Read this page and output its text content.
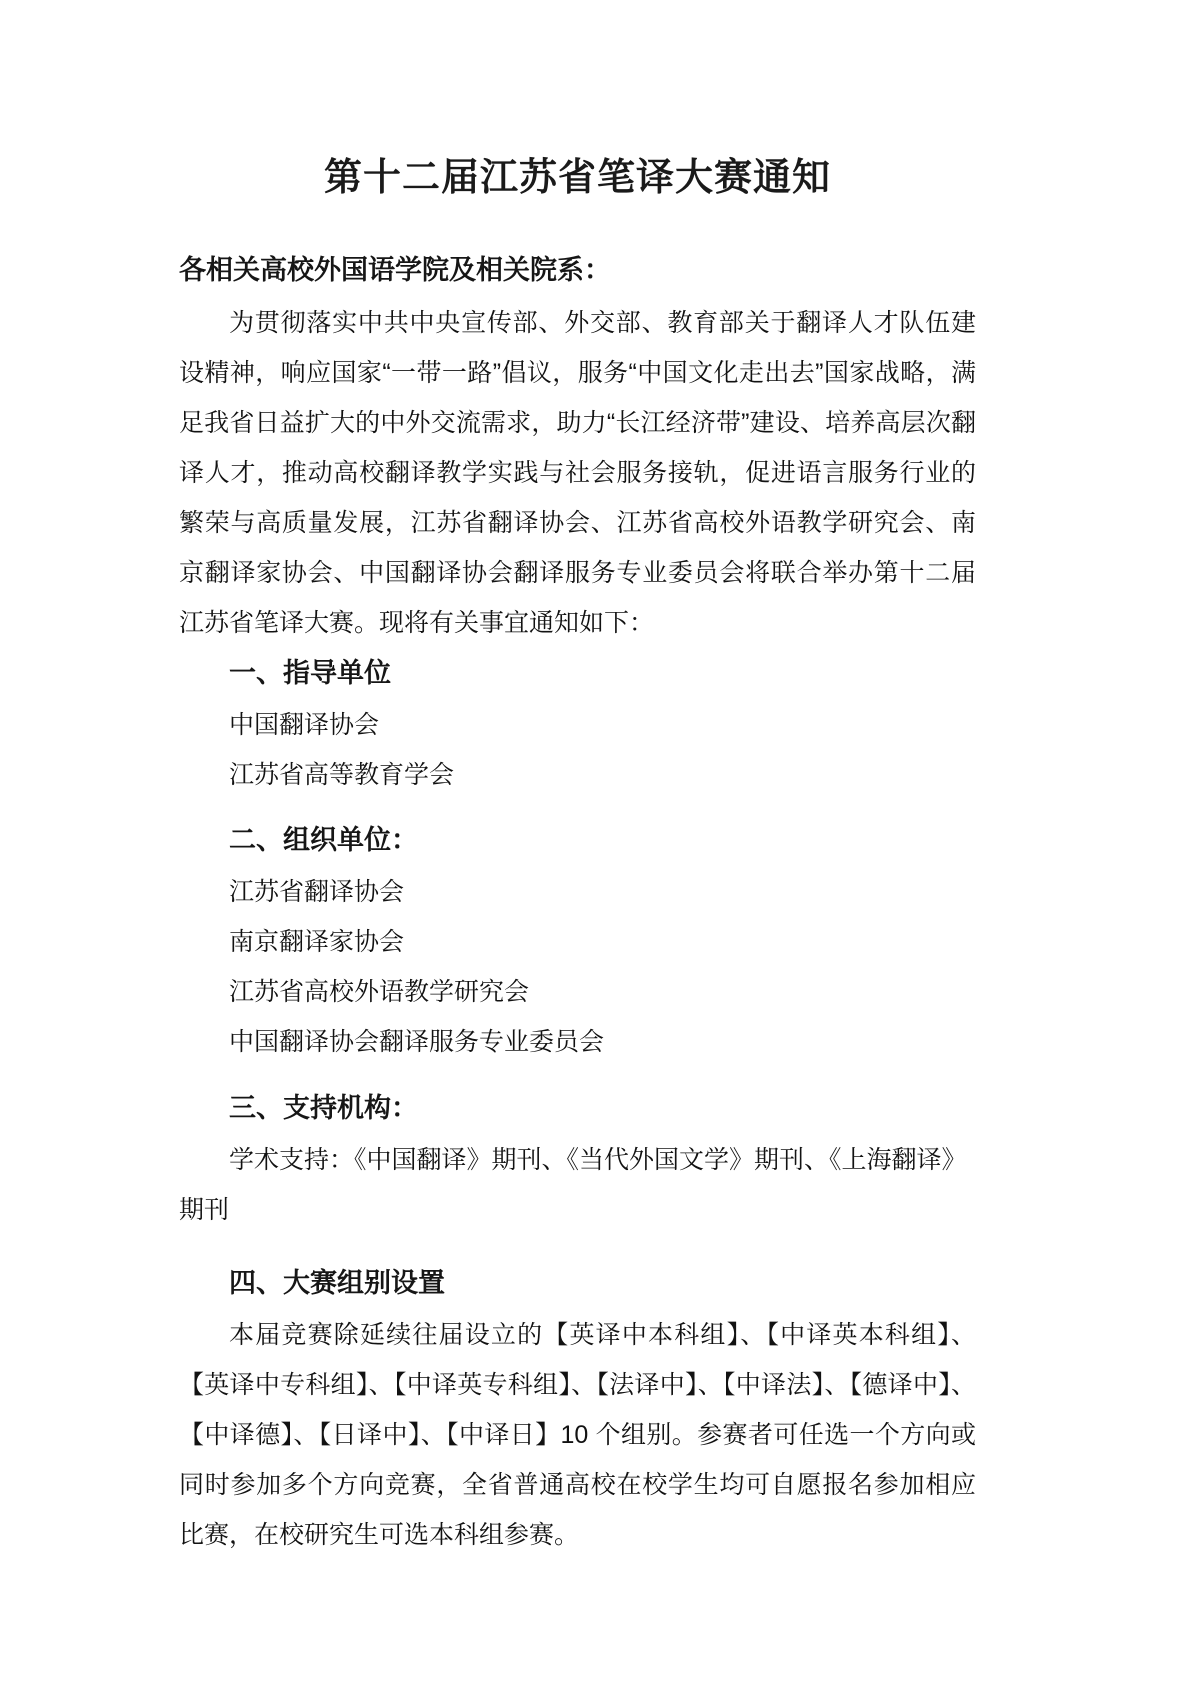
第十二届江苏省笔译大赛通知

各相关高校外国语学院及相关院系：

为贯彻落实中共中央宣传部、外交部、教育部关于翻译人才队伍建设精神，响应国家“一带一路”倡议，服务“中国文化走出去”国家战略，满足我省日益扩大的中外交流需求，助力“长江经济带”建设、培养高层次翻译人才，推动高校翻译教学实践与社会服务接轨，促进语言服务行业的繁荣与高质量发展，江苏省翻译协会、江苏省高校外语教学研究会、南京翻译家协会、中国翻译协会翻译服务专业委员会将联合举办第十二届江苏省笔译大赛。现将有关事宜通知如下：

一、指导单位

中国翻译协会

江苏省高等教育学会

二、组织单位：

江苏省翻译协会

南京翻译家协会

江苏省高校外语教学研究会

中国翻译协会翻译服务专业委员会

三、支持机构：

学术支持：《中国翻译》期刊、《当代外国文学》期刊、《上海翻译》期刊

四、大赛组别设置

本届竞赛除延续往届设立的【英译中本科组】、【中译英本科组】、【英译中专科组】、【中译英专科组】、【法译中】、【中译法】、【德译中】、【中译德】、【日译中】、【中译日】10 个组别。参赛者可任选一个方向或同时参加多个方向竞赛，全省普通高校在校学生均可自愿报名参加相应比赛，在校研究生可选本科组参赛。
